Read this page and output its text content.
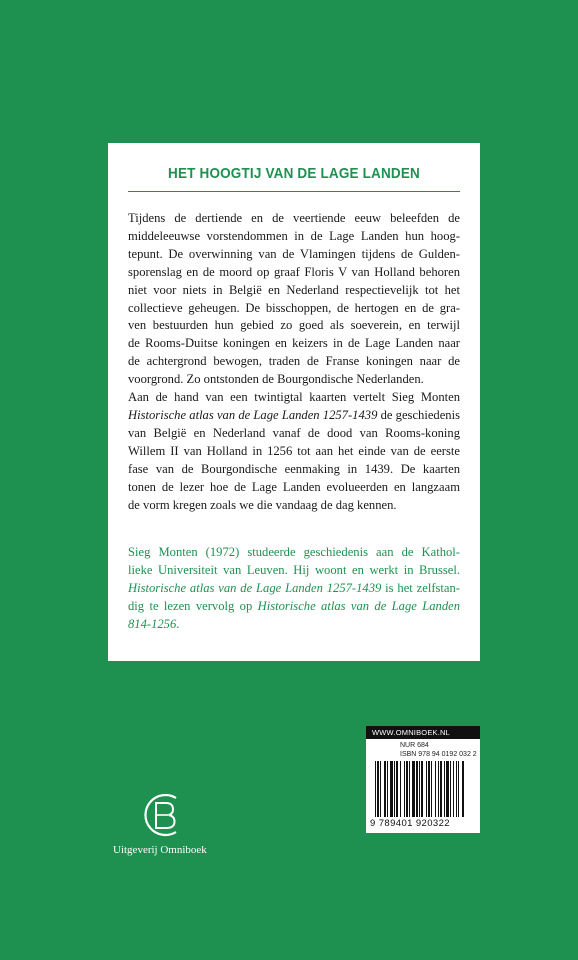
HET HOOGTIJ VAN DE LAGE LANDEN

Tijdens de dertiende en de veertiende eeuw beleefden de
middeleeuwse vorstendommen in de Lage Landen hun hoog-
tepunt. De overwinning van de Vlamingen tijdens de Gulden-
sporenslag en de moord op graaf Floris V van Holland behoren
niet voor niets in België en Nederland respectievelijk tot het
collectieve geheugen. De bisschoppen, de hertogen en de gra-
ven bestuurden hun gebied zo goed als soeverein, en terwijl
de Rooms-Duitse koningen en keizers in de Lage Landen naar
de achtergrond bewogen, traden de Franse koningen naar de
voorgrond. Zo ontstonden de Bourgondische Nederlanden.

Aan de hand van een twintigtal kaarten vertelt Sieg Monten
Historische atlas van de Lage Landen 1257-1439 de geschiedenis
van België en Nederland vanaf de dood van Rooms-koning
Willem II van Holland in 1256 tot aan het einde van de eerste
fase van de Bourgondische eenmaking in 1439. De kaarten
tonen de lezer hoe de Lage Landen evolueerden en langzaam
de vorm kregen zoals we die vandaag de dag kennen.

Sieg Monten (1972) studeerde geschiedenis aan de Kathol-
lieke Universiteit van Leuven. Hij woont en werkt in Brussel.
Historische atlas van de Lage Landen 1257-1439 is het zelfstan-
dig te lezen vervolg op Historische atlas van de Lage Landen
814-1256.
WWW.OMNIBOEK.NL
NUR 684
ISBN 978 94 0192 032 2
9 789401 920322
Uitgeverij Omniboek
